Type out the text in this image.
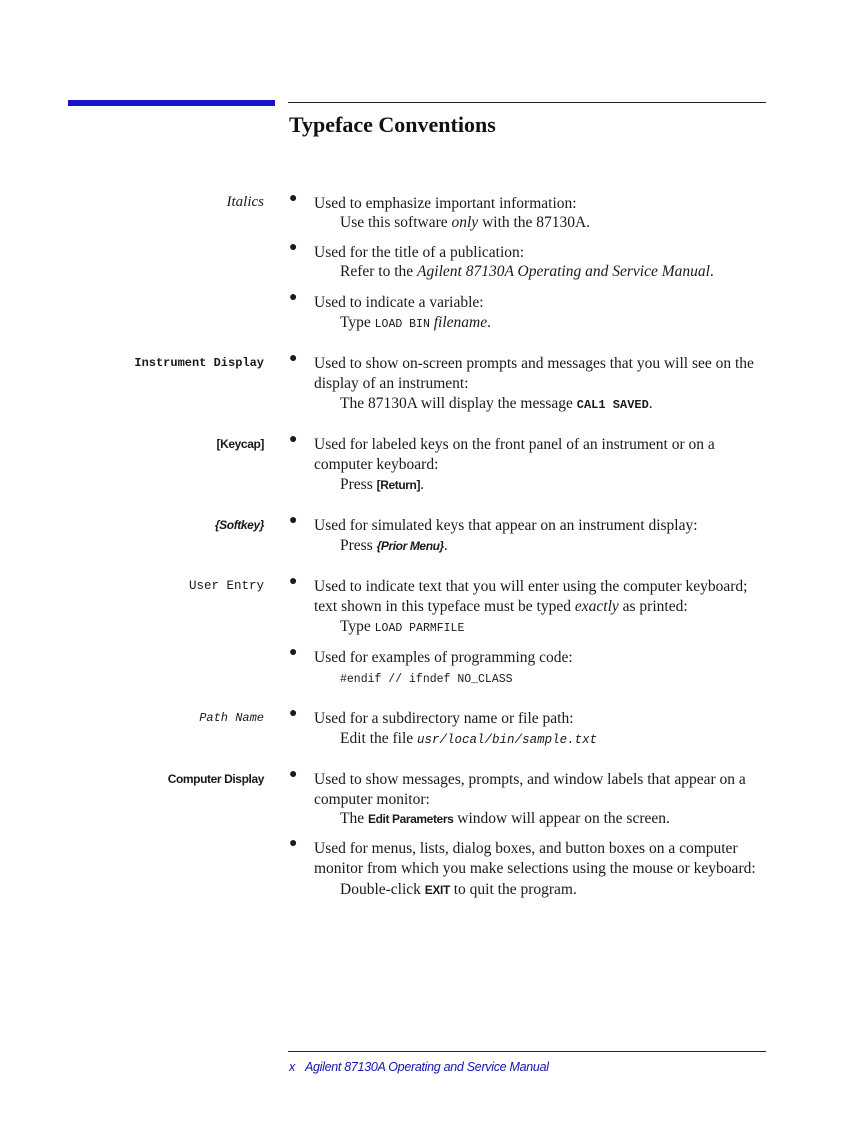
Typeface Conventions
Italics ● Used to emphasize important information:
Use this software only with the 87130A.
● Used for the title of a publication:
Refer to the Agilent 87130A Operating and Service Manual.
● Used to indicate a variable:
Type LOAD BIN filename.
Instrument Display ● Used to show on-screen prompts and messages that you will see on the display of an instrument:
The 87130A will display the message CAL1 SAVED.
[Keycap] ● Used for labeled keys on the front panel of an instrument or on a computer keyboard:
Press [Return].
{Softkey} ● Used for simulated keys that appear on an instrument display:
Press {Prior Menu}.
User Entry ● Used to indicate text that you will enter using the computer keyboard; text shown in this typeface must be typed exactly as printed:
Type LOAD PARMFILE
● Used for examples of programming code:
#endif // ifndef NO_CLASS
Path Name ● Used for a subdirectory name or file path:
Edit the file usr/local/bin/sample.txt
Computer Display ● Used to show messages, prompts, and window labels that appear on a computer monitor:
The Edit Parameters window will appear on the screen.
● Used for menus, lists, dialog boxes, and button boxes on a computer monitor from which you make selections using the mouse or keyboard:
Double-click EXIT to quit the program.
x Agilent 87130A Operating and Service Manual
